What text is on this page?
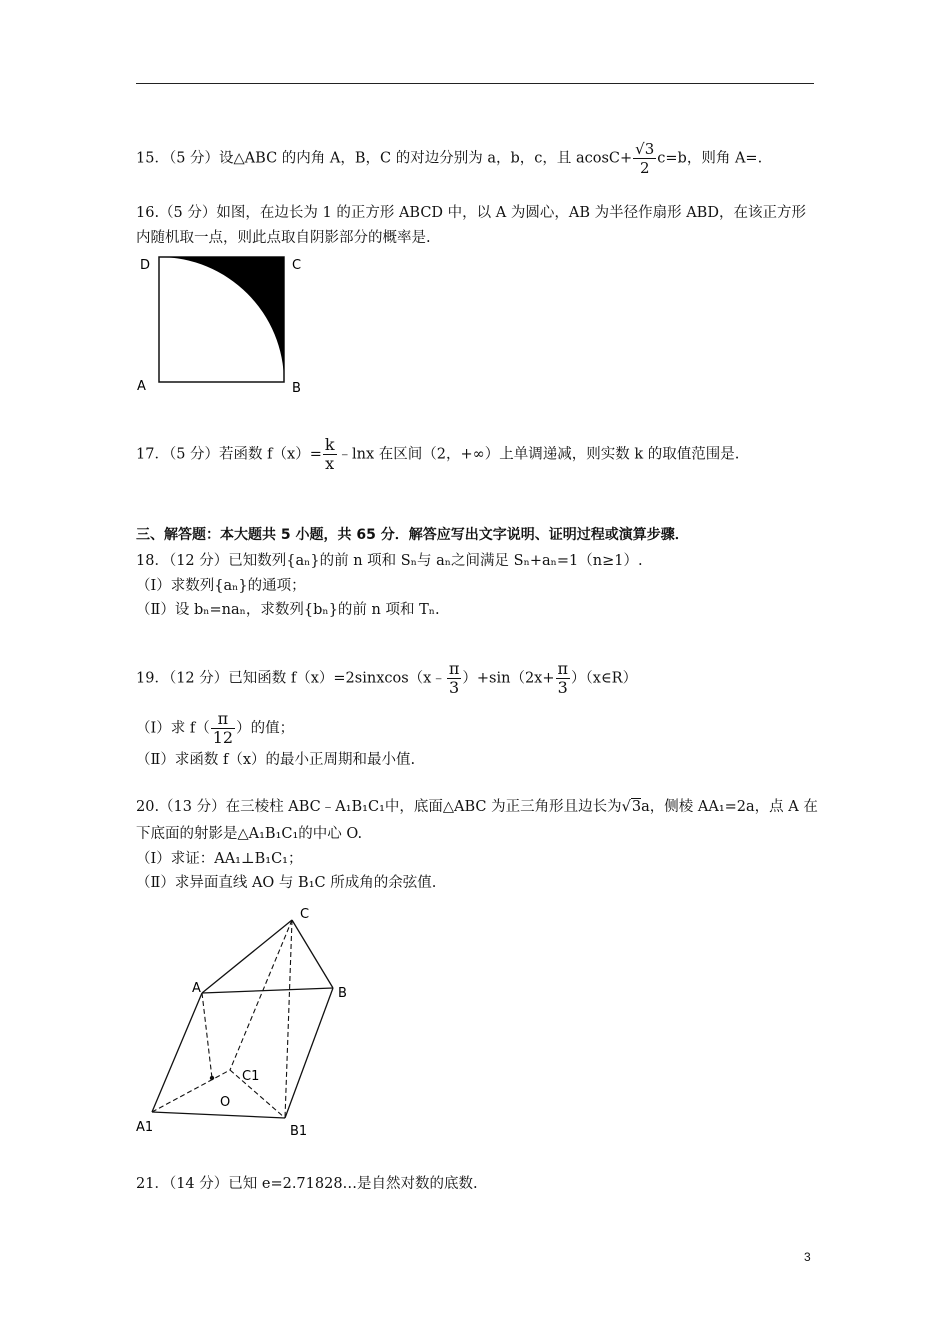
15．（5 分）设△ABC 的内角 A，B，C 的对边分别为 a，b，c，且 $acosC+ \frac{√3}{2} c=b$，则角 A=.
16.（5 分）如图，在边长为 1 的正方形 ABCD 中，以 A 为圆心，AB 为半径作扇形 ABD，在该正方形
内随机取一点，则此点取自阴影部分的概率是.
D	C
A	B
17．（5 分）若函数 $f(x)= \frac{k}{x}$ ﹣lnx 在区间（2，+∞）上单调递减，则实数 k 的取值范围是.
三、解答题：本大题共 5 小题，共 65 分．解答应写出文字说明、证明过程或演算步骤．
18．（12 分）已知数列{aₙ}的前 n 项和 Sₙ与 aₙ之间满足 Sₙ+aₙ=1（n≥1）.
（Ⅰ）求数列{aₙ}的通项；
（Ⅱ）设 bₙ=naₙ，求数列{bₙ}的前 n 项和 Tₙ.
19．（12 分）已知函数 f（x）=2sinxcos（x﹣ $\frac{\pi}{3} )+\sin(2x+ \frac{\pi}{3}$ ）（x∈R）
（Ⅰ）求 $f( \frac{\pi}{12}$ ）的值；
（Ⅱ）求函数 f（x）的最小正周期和最小值.
20.（13 分）在三棱柱 ABC﹣A₁B₁C₁中，底面△ABC 为正三角形且边长为√3a，侧棱 AA₁=2a，点 A 在
下底面的射影是△A₁B₁C₁的中心 O.
（Ⅰ）求证：AA₁⊥B₁C₁；
（Ⅱ）求异面直线 AO 与 B₁C 所成角的余弦值.
C
A	B
C1
O
A1	B1
21．（14 分）已知 e=2.71828…是自然对数的底数.
3
